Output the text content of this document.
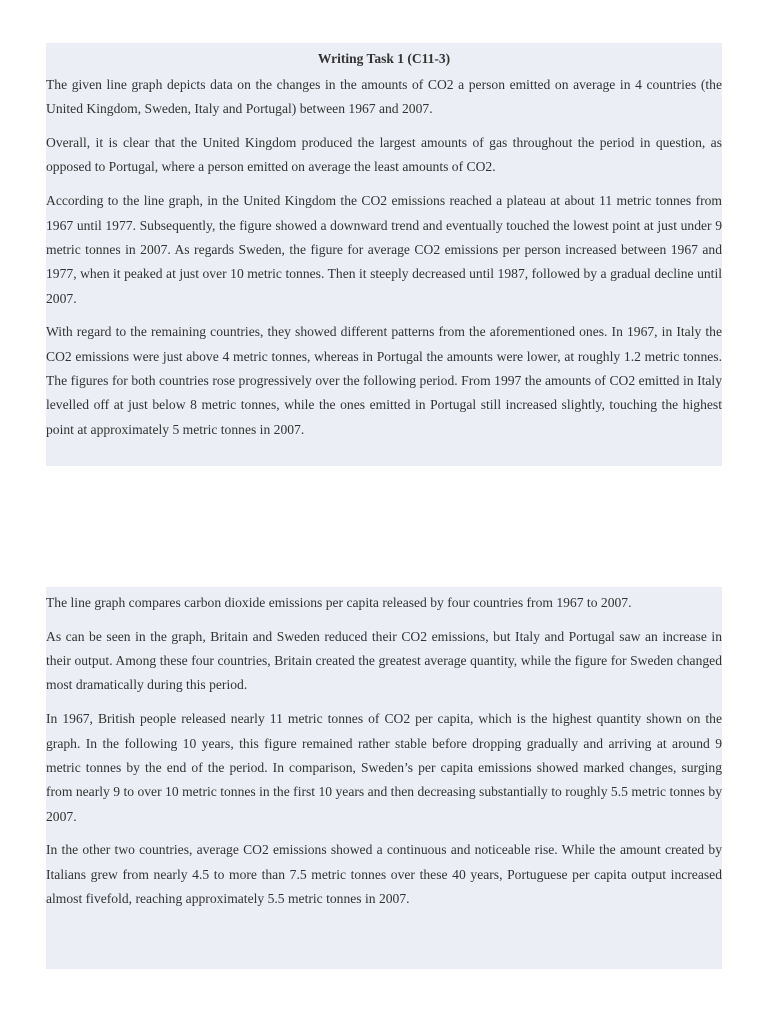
Writing Task 1 (C11-3)

The given line graph depicts data on the changes in the amounts of CO2 a person emitted on average in 4 countries (the United Kingdom, Sweden, Italy and Portugal) between 1967 and 2007.

Overall, it is clear that the United Kingdom produced the largest amounts of gas throughout the period in question, as opposed to Portugal, where a person emitted on average the least amounts of CO2.

According to the line graph, in the United Kingdom the CO2 emissions reached a plateau at about 11 metric tonnes from 1967 until 1977. Subsequently, the figure showed a downward trend and eventually touched the lowest point at just under 9 metric tonnes in 2007. As regards Sweden, the figure for average CO2 emissions per person increased between 1967 and 1977, when it peaked at just over 10 metric tonnes. Then it steeply decreased until 1987, followed by a gradual decline until 2007.

With regard to the remaining countries, they showed different patterns from the aforementioned ones. In 1967, in Italy the CO2 emissions were just above 4 metric tonnes, whereas in Portugal the amounts were lower, at roughly 1.2 metric tonnes. The figures for both countries rose progressively over the following period. From 1997 the amounts of CO2 emitted in Italy levelled off at just below 8 metric tonnes, while the ones emitted in Portugal still increased slightly, touching the highest point at approximately 5 metric tonnes in 2007.

The line graph compares carbon dioxide emissions per capita released by four countries from 1967 to 2007.

As can be seen in the graph, Britain and Sweden reduced their CO2 emissions, but Italy and Portugal saw an increase in their output. Among these four countries, Britain created the greatest average quantity, while the figure for Sweden changed most dramatically during this period.

In 1967, British people released nearly 11 metric tonnes of CO2 per capita, which is the highest quantity shown on the graph. In the following 10 years, this figure remained rather stable before dropping gradually and arriving at around 9 metric tonnes by the end of the period. In comparison, Sweden’s per capita emissions showed marked changes, surging from nearly 9 to over 10 metric tonnes in the first 10 years and then decreasing substantially to roughly 5.5 metric tonnes by 2007.

In the other two countries, average CO2 emissions showed a continuous and noticeable rise. While the amount created by Italians grew from nearly 4.5 to more than 7.5 metric tonnes over these 40 years, Portuguese per capita output increased almost fivefold, reaching approximately 5.5 metric tonnes in 2007.
